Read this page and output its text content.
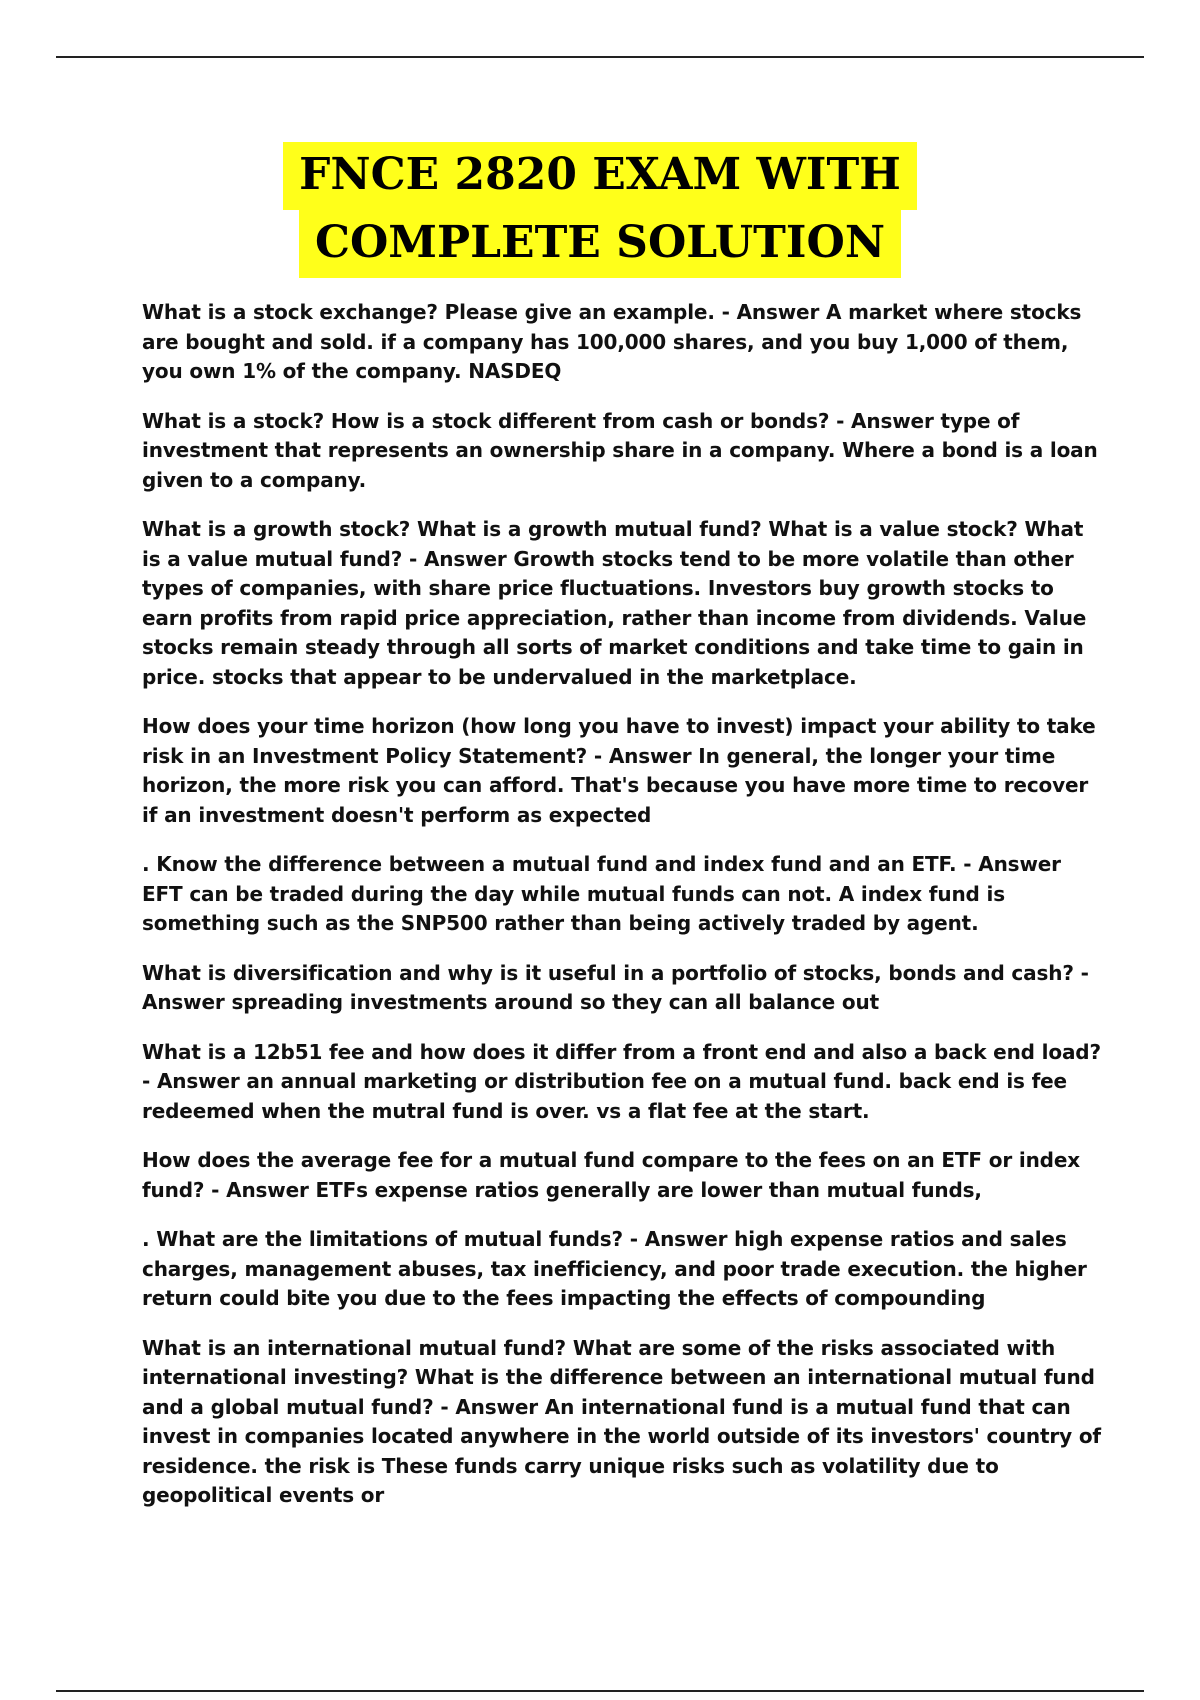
FNCE 2820 EXAM WITH
COMPLETE SOLUTION

What is a stock exchange? Please give an example. - Answer A market where stocks are bought and sold. if a company has 100,000 shares, and you buy 1,000 of them, you own 1% of the company. NASDEQ

What is a stock? How is a stock different from cash or bonds? - Answer type of investment that represents an ownership share in a company. Where a bond is a loan given to a company.

What is a growth stock? What is a growth mutual fund? What is a value stock? What is a value mutual fund? - Answer Growth stocks tend to be more volatile than other types of companies, with share price fluctuations. Investors buy growth stocks to earn profits from rapid price appreciation, rather than income from dividends. Value stocks remain steady through all sorts of market conditions and take time to gain in price. stocks that appear to be undervalued in the marketplace.

How does your time horizon (how long you have to invest) impact your ability to take risk in an Investment Policy Statement? - Answer In general, the longer your time horizon, the more risk you can afford. That's because you have more time to recover if an investment doesn't perform as expected

. Know the difference between a mutual fund and index fund and an ETF. - Answer EFT can be traded during the day while mutual funds can not. A index fund is something such as the SNP500 rather than being actively traded by agent.

What is diversification and why is it useful in a portfolio of stocks, bonds and cash? - Answer spreading investments around so they can all balance out

What is a 12b51 fee and how does it differ from a front end and also a back end load? - Answer an annual marketing or distribution fee on a mutual fund. back end is fee redeemed when the mutral fund is over. vs a flat fee at the start.

How does the average fee for a mutual fund compare to the fees on an ETF or index fund? - Answer ETFs expense ratios generally are lower than mutual funds,

. What are the limitations of mutual funds? - Answer high expense ratios and sales charges, management abuses, tax inefficiency, and poor trade execution. the higher return could bite you due to the fees impacting the effects of compounding

What is an international mutual fund? What are some of the risks associated with international investing? What is the difference between an international mutual fund and a global mutual fund? - Answer An international fund is a mutual fund that can invest in companies located anywhere in the world outside of its investors' country of residence. the risk is These funds carry unique risks such as volatility due to geopolitical events or
